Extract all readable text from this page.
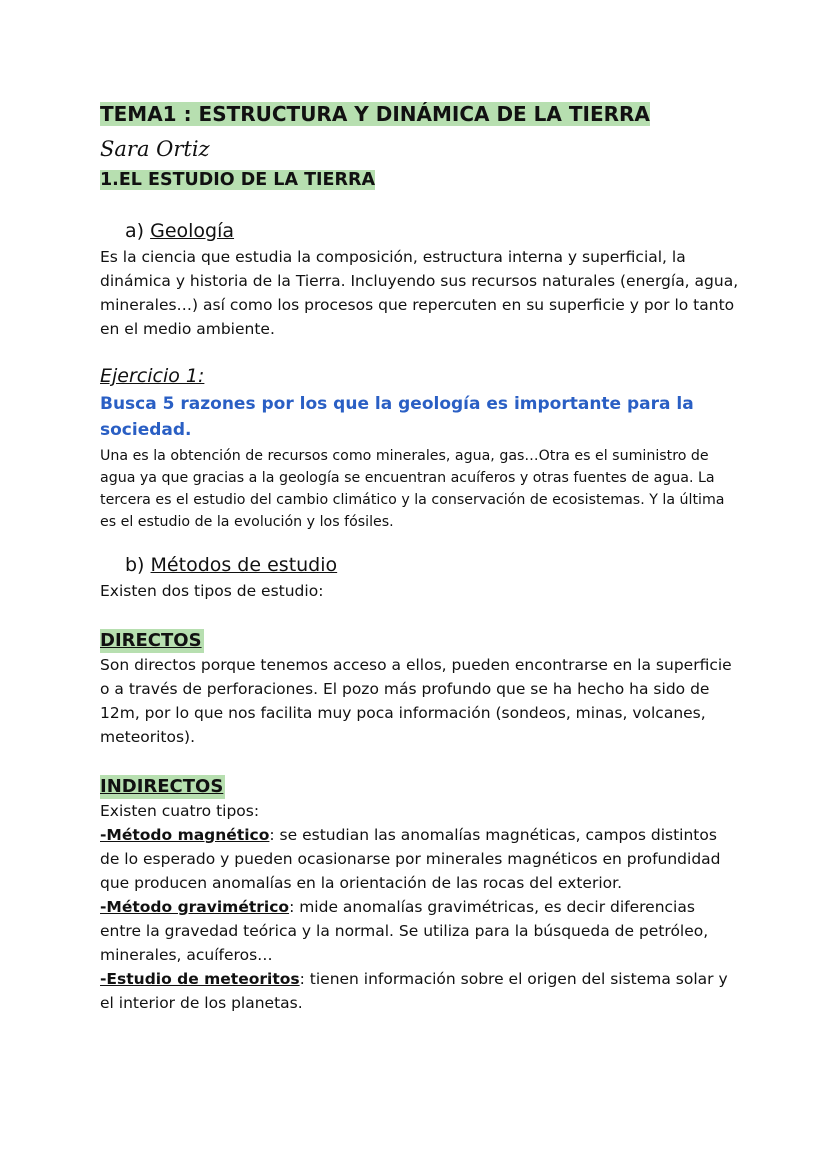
TEMA1 : ESTRUCTURA Y DINÁMICA DE LA TIERRA
Sara Ortiz
1.EL ESTUDIO DE LA TIERRA
a) Geología

Es la ciencia que estudia la composición, estructura interna y superficial, la dinámica y historia de la Tierra. Incluyendo sus recursos naturales (energía, agua, minerales…) así como los procesos que repercuten en su superficie y por lo tanto en el medio ambiente.

Ejercicio 1:
Busca 5 razones por los que la geología es importante para la sociedad.

Una es la obtención de recursos como minerales, agua, gas…Otra es el suministro de agua ya que gracias a la geología se encuentran acuíferos y otras fuentes de agua. La tercera es el estudio del cambio climático y la conservación de ecosistemas. Y la última es el estudio de la evolución y los fósiles.

b) Métodos de estudio

Existen dos tipos de estudio:

DIRECTOS

Son directos porque tenemos acceso a ellos, pueden encontrarse en la superficie o a través de perforaciones. El pozo más profundo que se ha hecho ha sido de 12m, por lo que nos facilita muy poca información (sondeos, minas, volcanes, meteoritos).

INDIRECTOS

Existen cuatro tipos:

-Método magnético: se estudian las anomalías magnéticas, campos distintos de lo esperado y pueden ocasionarse por minerales magnéticos en profundidad que producen anomalías en la orientación de las rocas del exterior.

-Método gravimétrico: mide anomalías gravimétricas, es decir diferencias entre la gravedad teórica y la normal. Se utiliza para la búsqueda de petróleo, minerales, acuíferos…

-Estudio de meteoritos: tienen información sobre el origen del sistema solar y el interior de los planetas.
